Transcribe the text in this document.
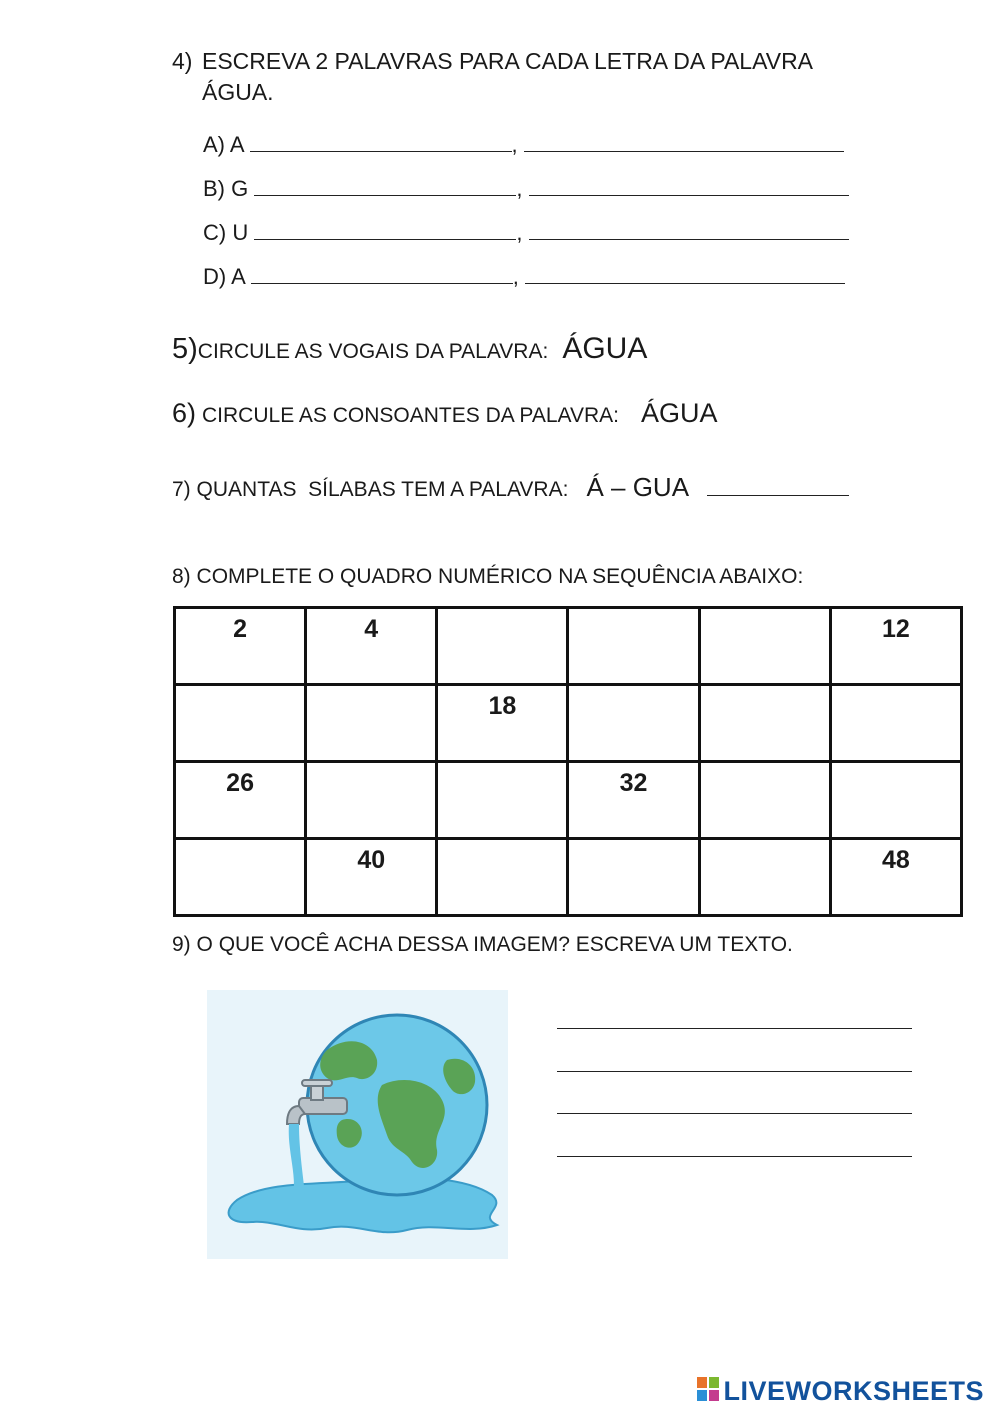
4) ESCREVA 2 PALAVRAS PARA CADA LETRA DA PALAVRA
ÁGUA.
A) A	,
B) G	,
C) U	,
D) A	,
5)CIRCULE AS VOGAIS DA PALAVRA: ÁGUA
6) CIRCULE AS CONSOANTES DA PALAVRA: ÁGUA
7) QUANTAS  SÍLABAS TEM A PALAVRA: Á – GUA
8) COMPLETE O QUADRO NUMÉRICO NA SEQUÊNCIA ABAIXO:
2	4				12
		18			
26			32		
	40				48
9) O QUE VOCÊ ACHA DESSA IMAGEM? ESCREVA UM TEXTO.
LIVEWORKSHEETS
